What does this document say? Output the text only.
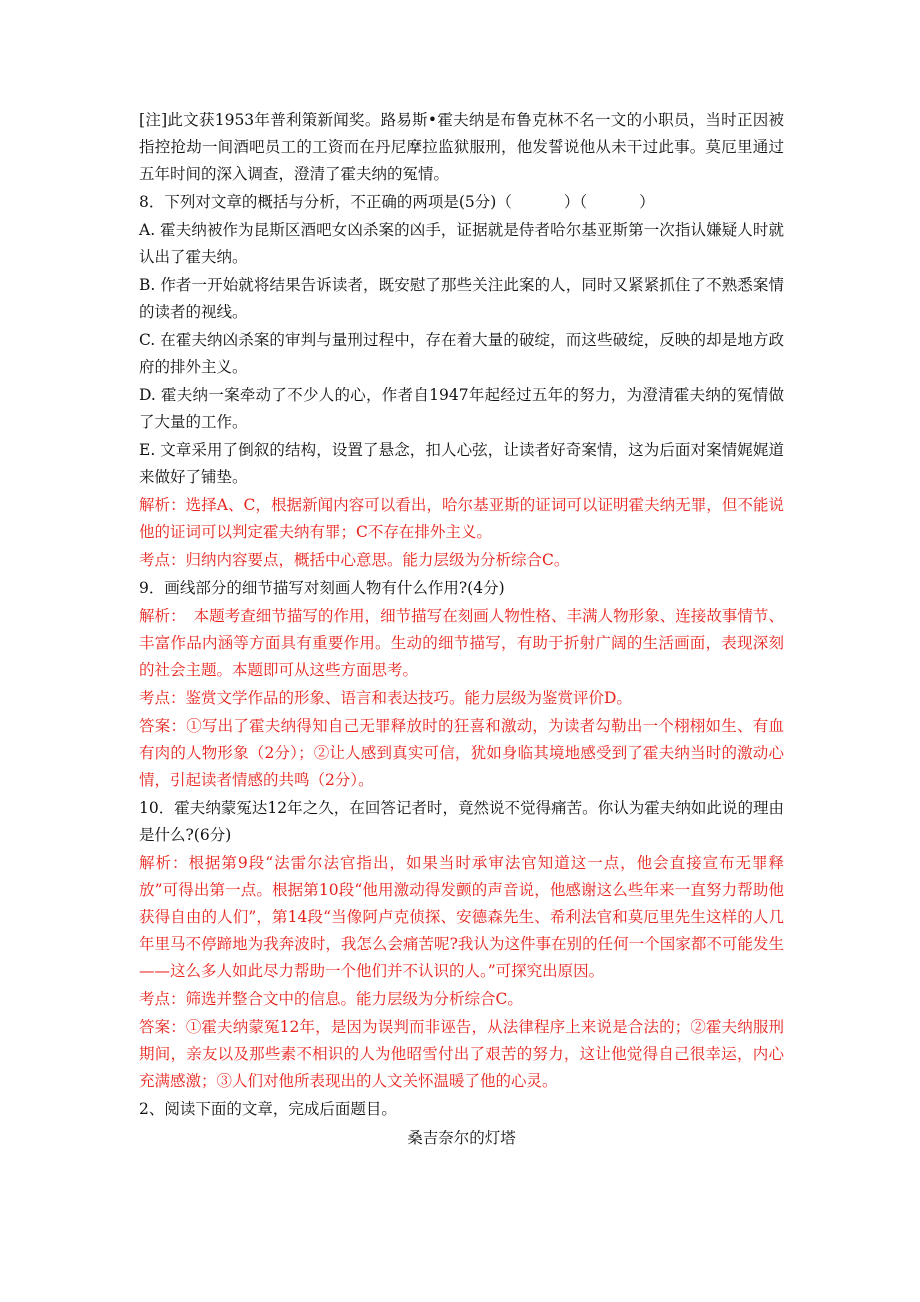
[注]此文获1953年普利策新闻奖。路易斯•霍夫纳是布鲁克林不名一文的小职员，当时正因被指控抢劫一间酒吧员工的工资而在丹尼摩拉监狱服刑，他发誓说他从未干过此事。莫厄里通过五年时间的深入调查，澄清了霍夫纳的冤情。

8．下列对文章的概括与分析，不正确的两项是(5分)（	）（	）

A. 霍夫纳被作为昆斯区酒吧女凶杀案的凶手，证据就是侍者哈尔基亚斯第一次指认嫌疑人时就认出了霍夫纳。

B. 作者一开始就将结果告诉读者，既安慰了那些关注此案的人，同时又紧紧抓住了不熟悉案情的读者的视线。

C. 在霍夫纳凶杀案的审判与量刑过程中，存在着大量的破绽，而这些破绽，反映的却是地方政府的排外主义。

D. 霍夫纳一案牵动了不少人的心，作者自1947年起经过五年的努力，为澄清霍夫纳的冤情做了大量的工作。

E. 文章采用了倒叙的结构，设置了悬念，扣人心弦，让读者好奇案情，这为后面对案情娓娓道来做好了铺垫。

解析：选择A、C，根据新闻内容可以看出，哈尔基亚斯的证词可以证明霍夫纳无罪，但不能说他的证词可以判定霍夫纳有罪；C不存在排外主义。

考点：归纳内容要点，概括中心意思。能力层级为分析综合C。

9．画线部分的细节描写对刻画人物有什么作用?(4分)

解析： 本题考查细节描写的作用，细节描写在刻画人物性格、丰满人物形象、连接故事情节、丰富作品内涵等方面具有重要作用。生动的细节描写，有助于折射广阔的生活画面，表现深刻的社会主题。本题即可从这些方面思考。

考点：鉴赏文学作品的形象、语言和表达技巧。能力层级为鉴赏评价D。

答案：①写出了霍夫纳得知自己无罪释放时的狂喜和激动，为读者勾勒出一个栩栩如生、有血有肉的人物形象（2分）；②让人感到真实可信，犹如身临其境地感受到了霍夫纳当时的激动心情，引起读者情感的共鸣（2分）。

10．霍夫纳蒙冤达12年之久，在回答记者时，竟然说不觉得痛苦。你认为霍夫纳如此说的理由是什么?(6分)

解析：根据第9段“法雷尔法官指出，如果当时承审法官知道这一点，他会直接宣布无罪释放”可得出第一点。根据第10段“他用激动得发颤的声音说，他感谢这么些年来一直努力帮助他获得自由的人们”，第14段“当像阿卢克侦探、安德森先生、希利法官和莫厄里先生这样的人几年里马不停蹄地为我奔波时，我怎么会痛苦呢?我认为这件事在别的任何一个国家都不可能发生——这么多人如此尽力帮助一个他们并不认识的人。”可探究出原因。

考点：筛选并整合文中的信息。能力层级为分析综合C。

答案：①霍夫纳蒙冤12年，是因为误判而非诬告，从法律程序上来说是合法的；②霍夫纳服刑期间，亲友以及那些素不相识的人为他昭雪付出了艰苦的努力，这让他觉得自己很幸运，内心充满感激；③人们对他所表现出的人文关怀温暖了他的心灵。

2、阅读下面的文章，完成后面题目。

桑吉奈尔的灯塔
